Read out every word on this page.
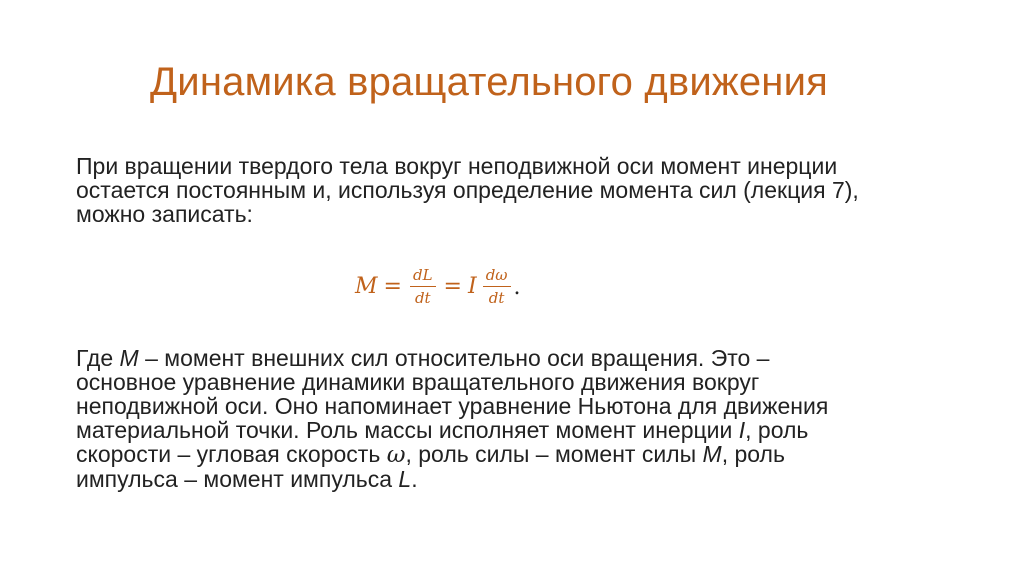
Динамика вращательного движения
При вращении твердого тела вокруг неподвижной оси момент инерции
остается постоянным и, используя определение момента сил (лекция 7),
можно записать:
$M = \frac{dL}{dt} = I \frac{d\omega}{dt}$ .
Где M – момент внешних сил относительно оси вращения. Это –
основное уравнение динамики вращательного движения вокруг
неподвижной оси. Оно напоминает уравнение Ньютона для движения
материальной точки. Роль массы исполняет момент инерции I, роль
скорости – угловая скорость ω, роль силы – момент силы M, роль
импульса – момент импульса L.
